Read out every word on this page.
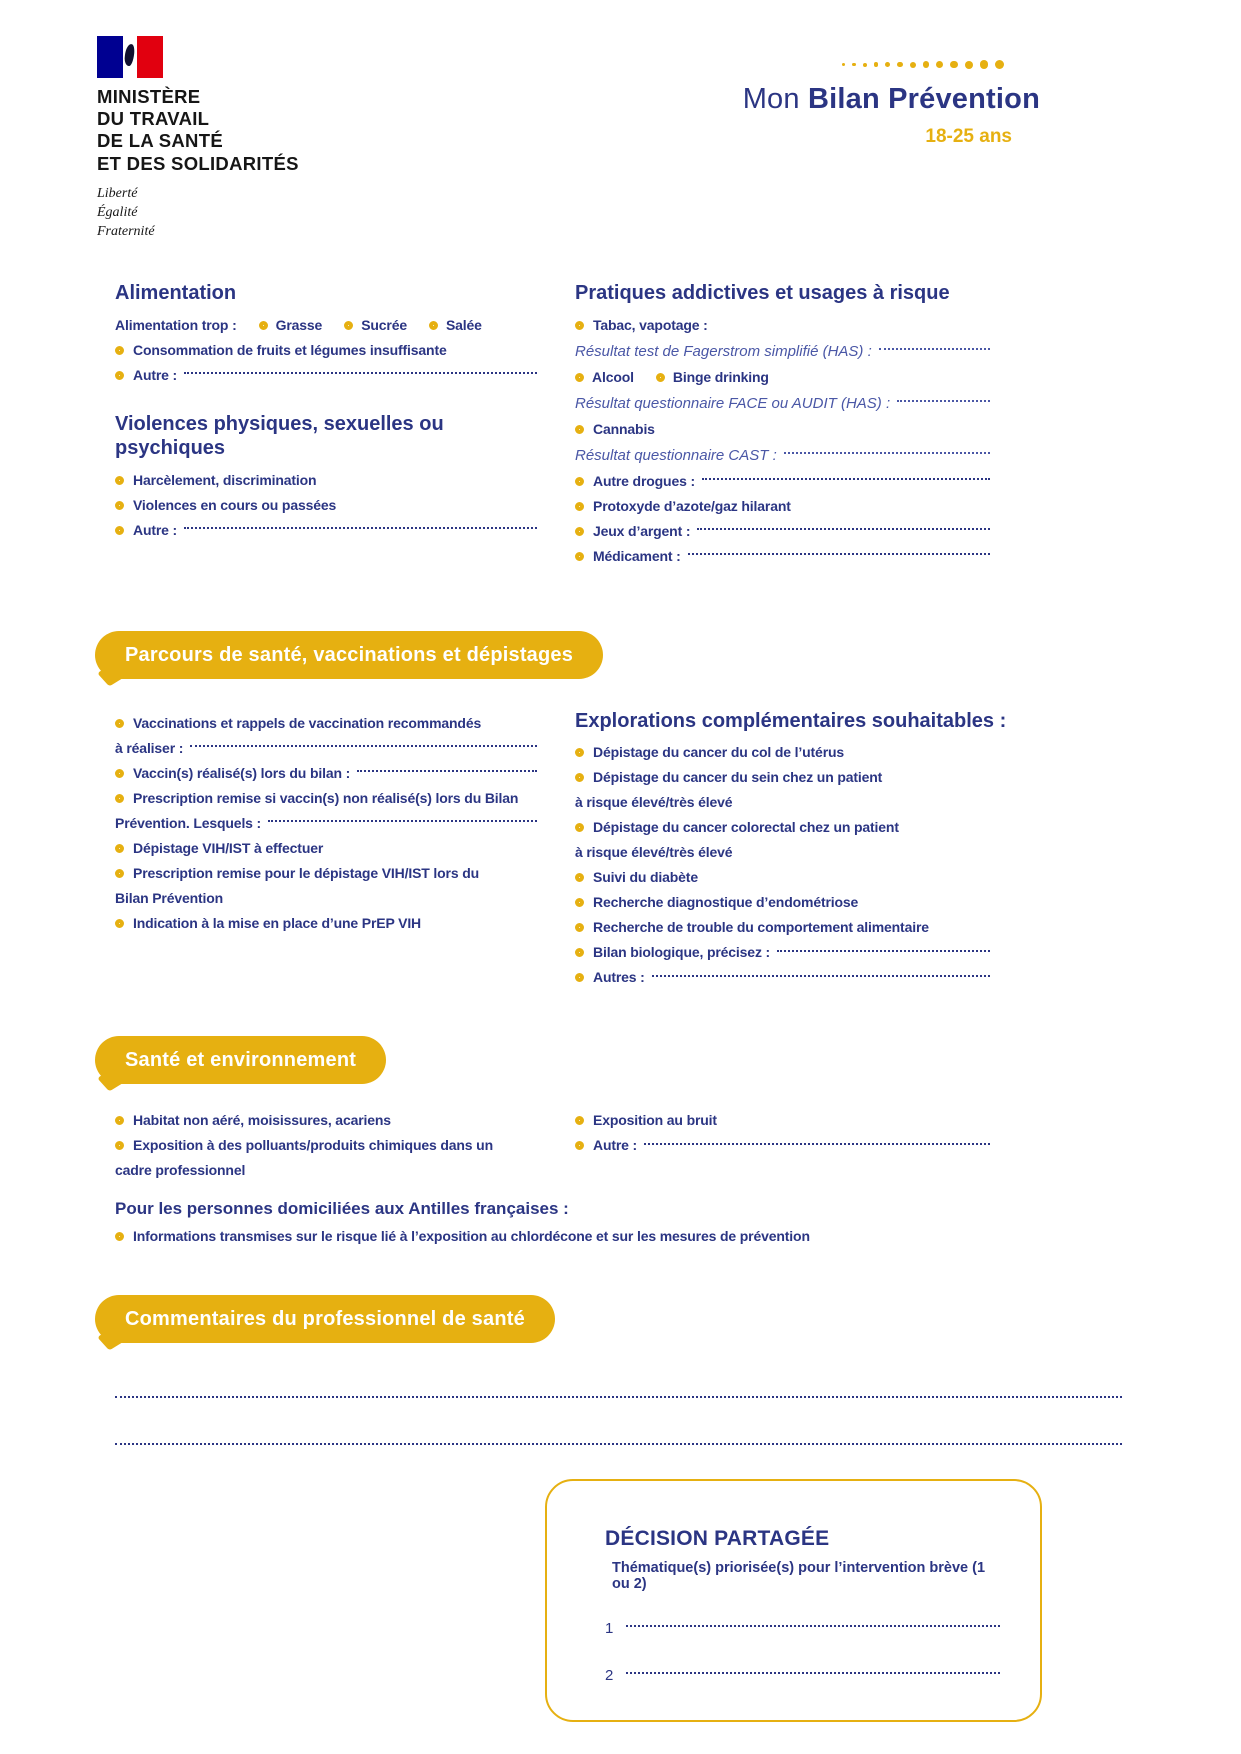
MINISTÈRE
DU TRAVAIL
DE LA SANTÉ
ET DES SOLIDARITÉS
Liberté
Égalité
Fraternité
Mon Bilan Prévention
18-25 ans
Alimentation
Alimentation trop :	Grasse	Sucrée	Salée
Consommation de fruits et légumes insuffisante
Autre :
Violences physiques, sexuelles ou psychiques
Harcèlement, discrimination
Violences en cours ou passées
Autre :
Pratiques addictives et usages à risque
Tabac, vapotage :
Résultat test de Fagerstrom simplifié (HAS) :
Alcool	Binge drinking
Résultat questionnaire FACE ou AUDIT (HAS) :
Cannabis
Résultat questionnaire CAST :
Autre drogues :
Protoxyde d’azote/gaz hilarant
Jeux d’argent :
Médicament :
Parcours de santé, vaccinations et dépistages
Vaccinations et rappels de vaccination recommandés
à réaliser :
Vaccin(s) réalisé(s) lors du bilan :
Prescription remise si vaccin(s) non réalisé(s) lors du Bilan
Prévention. Lesquels :
Dépistage VIH/IST à effectuer
Prescription remise pour le dépistage VIH/IST lors du
Bilan Prévention
Indication à la mise en place d’une PrEP VIH
Explorations complémentaires souhaitables :
Dépistage du cancer du col de l’utérus
Dépistage du cancer du sein chez un patient
à risque élevé/très élevé
Dépistage du cancer colorectal chez un patient
à risque élevé/très élevé
Suivi du diabète
Recherche diagnostique d’endométriose
Recherche de trouble du comportement alimentaire
Bilan biologique, précisez :
Autres :
Santé et environnement
Habitat non aéré, moisissures, acariens
Exposition à des polluants/produits chimiques dans un
cadre professionnel
Exposition au bruit
Autre :
Pour les personnes domiciliées aux Antilles françaises :
Informations transmises sur le risque lié à l’exposition au chlordécone et sur les mesures de prévention
Commentaires du professionnel de santé
DÉCISION PARTAGÉE
Thématique(s) priorisée(s) pour l’intervention brève (1 ou 2)
1
2
